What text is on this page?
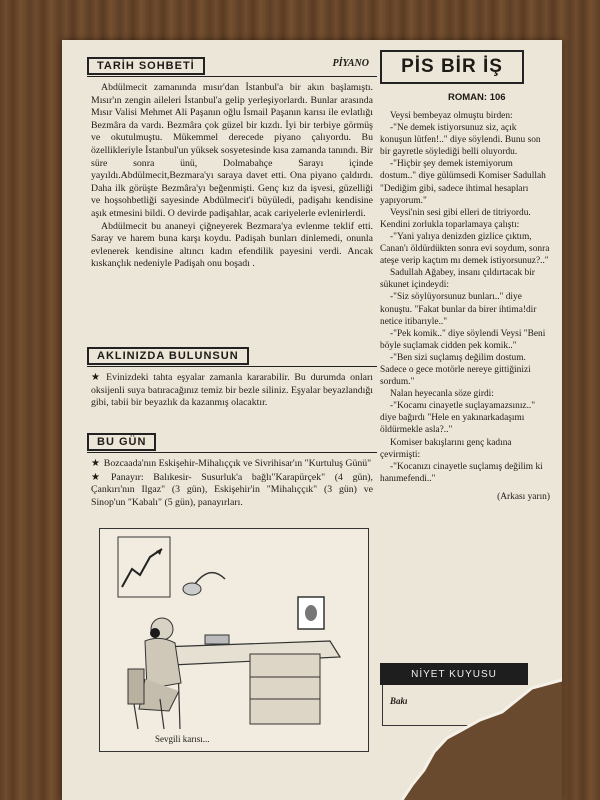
TARİH SOHBETİ	PİYANO

Abdülmecit zamanında mısır'dan İstanbul'a bir akın başlamıştı. Mısır'ın zengin aileleri İstanbul'a gelip yerleşiyorlardı. Bunlar arasında Mısır Valisi Mehmet Ali Paşanın oğlu İsmail Paşanın karısı ile evlatlığı Bezmâra da vardı. Bezmâra çok güzel bir kızdı. İyi bir terbiye görmüş ve okutulmuştu. Mükemmel derecede piyano çalıyordu. Bu özellikleriyle İstanbul'un yüksek sosyetesinde kısa zamanda tanındı. Bir süre sonra ünü, Dolmabahçe Sarayı içinde yayıldı.Abdülmecit,Bezmara'yı saraya davet etti. Ona piyano çaldırdı. Daha ilk görüşte Bezmâra'yı beğenmişti. Genç kız da işvesi, güzelliği ve hoşsohbetliği sayesinde Abdülmecit'i büyüledi, padişahı kendisine aşık etmesini bildi. O devirde padişahlar, acak cariyelerle evlenirlerdi.

Abdülmecit bu ananeyi çiğneyerek Bezmara'ya evlenme teklif etti. Saray ve harem buna karşı koydu. Padişah bunları dinlemedi, onunla evlenerek kendisine altıncı kadın efendilik payesini verdi. Ancak kıskançlık nedeniyle Padişah onu boşadı .

AKLINIZDA BULUNSUN
★ Evinizdeki tahta eşyalar zamanla kararabilir. Bu durumda onları oksijenli suya batıracağınız temiz bir bezle siliniz. Eşyalar beyazlandığı gibi, tabii bir beyazlık da kazanmış olacaktır.
BU GÜN
★ Bozcaada'nın Eskişehir-Mihalıççık ve Sivrihisar'ın "Kurtuluş Günü"
★ Panayır: Balıkesir- Susurluk'a bağlı"Karapürçek" (4 gün), Çankırı'nın Ilgaz" (3 gün), Eskişehir'in "Mihalıççık" (3 gün) ve Sinop'un "Kabalı" (5 gün), panayırları.
Sevgili karısı...
PİS BİR İŞ
ROMAN: 106

Veysi bembeyaz olmuştu birden:

-"Ne demek istiyorsunuz siz, açık konuşun lütfen!.." diye söylendi. Bunu son bir gayretle söylediği belli oluyordu.

-"Hiçbir şey demek istemiyorum dostum.." diye gülümsedi Komiser Sadullah "Dediğim gibi, sadece ihtimal hesapları yapıyorum."

Veysi'nin sesi gibi elleri de titriyordu. Kendini zorlukla toparlamaya çalıştı:

-"Yani yalıya denizden gizlice çıktım, Canan'ı öldürdükten sonra evi soydum, sonra ateşe verip kaçtım mı demek istiyorsunuz?.."

Sadullah Ağabey, insanı çıldırtacak bir sükunet içindeydi:

-"Siz söylüyorsunuz bunları.." diye konuştu. "Fakat bunlar da birer ihtima!dir netice itibarıyle.."

-"Pek komik.." diye söylendi Veysi "Beni böyle suçlamak cidden pek komik.."

-"Ben sizi suçlamış değilim dostum. Sadece o gece motörle nereye gittiğinizi sordum."

Nalan heyecanla söze girdi:

-"Kocamı cinayetle suçlayamazsınız.." diye bağırdı "Hele en yakınarkadaşımı öldürmekle asla?.."

Komiser bakışlarını genç kadına çevirmişti:

-"Kocanızı cinayetle suçlamış değilim ki hanımefendi.."

(Arkası yarın)

NİYET KUYUSU
Bakı
